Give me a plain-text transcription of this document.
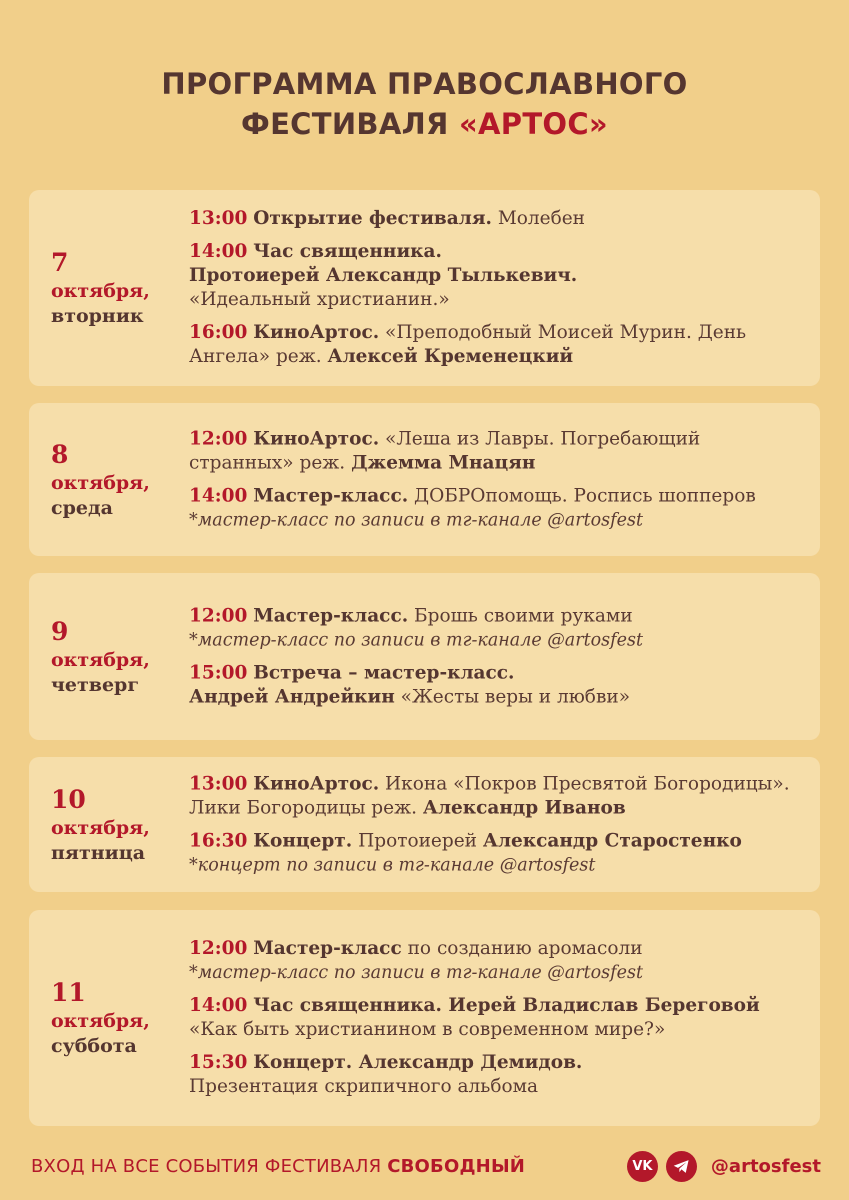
ПРОГРАММА ПРАВОСЛАВНОГО
ФЕСТИВАЛЯ «АРТОС»
7
октября,
вторник
13:00 Открытие фестиваля. Молебен
14:00 Час священника.
Протоиерей Александр Тылькевич.
«Идеальный христианин.»
16:00 КиноАртос. «Преподобный Моисей Мурин. День Ангела» реж. Алексей Кременецкий
8
октября,
среда
12:00 КиноАртос. «Леша из Лавры. Погребающий странных» реж. Джемма Мнацян
14:00 Мастер-класс. ДОБРОпомощь. Роспись шопперов
*мастер-класс по записи в тг-канале @artosfest
9
октября,
четверг
12:00 Мастер-класс. Брошь своими руками
*мастер-класс по записи в тг-канале @artosfest
15:00 Встреча – мастер-класс.
Андрей Андрейкин «Жесты веры и любви»
10
октября,
пятница
13:00 КиноАртос. Икона «Покров Пресвятой Богородицы». Лики Богородицы реж. Александр Иванов
16:30 Концерт. Протоиерей Александр Старостенко
*концерт по записи в тг-канале @artosfest
11
октября,
суббота
12:00 Мастер-класс по созданию аромасоли
*мастер-класс по записи в тг-канале @artosfest
14:00 Час священника. Иерей Владислав Береговой
«Как быть христианином в современном мире?»
15:30 Концерт. Александр Демидов.
Презентация скрипичного альбома
ВХОД НА ВСЕ СОБЫТИЯ ФЕСТИВАЛЯ СВОБОДНЫЙ	VK	@artosfest
